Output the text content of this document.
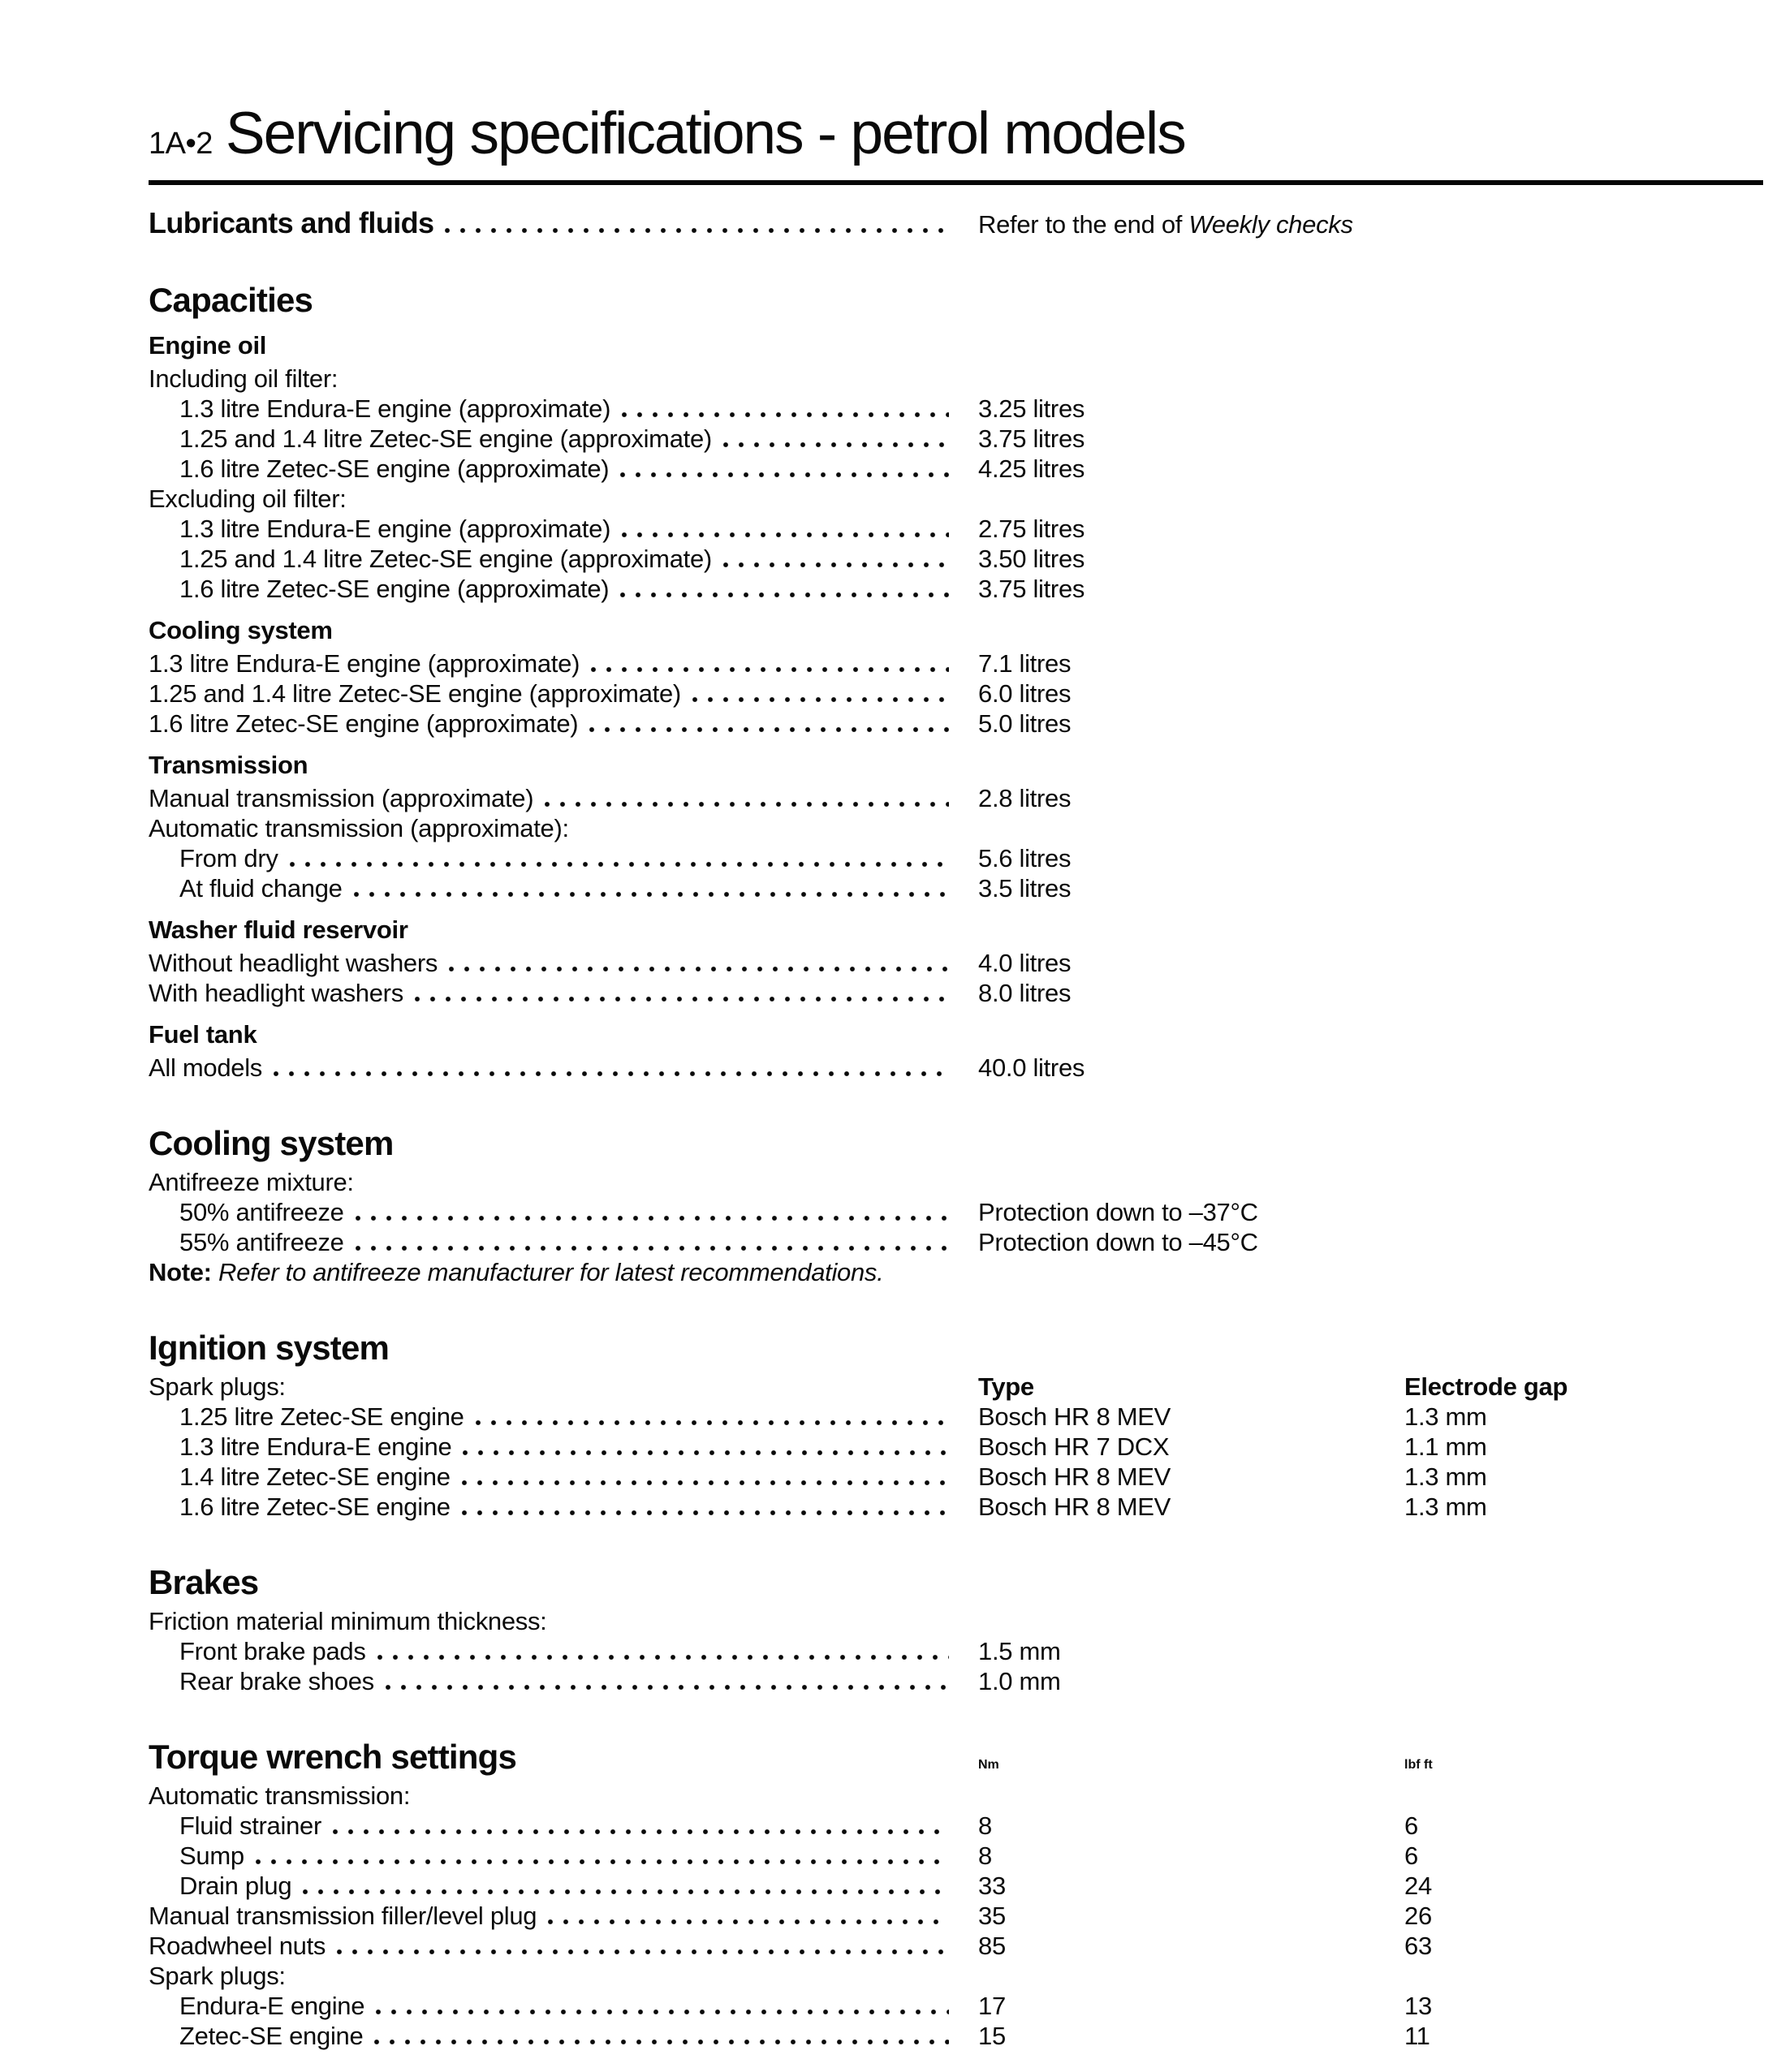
1A•2 Servicing specifications - petrol models
Lubricants and fluids	Refer to the end of Weekly checks
Capacities
Engine oil
Including oil filter:
1.3 litre Endura-E engine (approximate)	3.25 litres
1.25 and 1.4 litre Zetec-SE engine (approximate)	3.75 litres
1.6 litre Zetec-SE engine (approximate)	4.25 litres
Excluding oil filter:
1.3 litre Endura-E engine (approximate)	2.75 litres
1.25 and 1.4 litre Zetec-SE engine (approximate)	3.50 litres
1.6 litre Zetec-SE engine (approximate)	3.75 litres
Cooling system
1.3 litre Endura-E engine (approximate)	7.1 litres
1.25 and 1.4 litre Zetec-SE engine (approximate)	6.0 litres
1.6 litre Zetec-SE engine (approximate)	5.0 litres
Transmission
Manual transmission (approximate)	2.8 litres
Automatic transmission (approximate):
From dry	5.6 litres
At fluid change	3.5 litres
Washer fluid reservoir
Without headlight washers	4.0 litres
With headlight washers	8.0 litres
Fuel tank
All models	40.0 litres
Cooling system
Antifreeze mixture:
50% antifreeze	Protection down to –37°C
55% antifreeze	Protection down to –45°C
Note: Refer to antifreeze manufacturer for latest recommendations.
Ignition system
Spark plugs:	Type	Electrode gap
1.25 litre Zetec-SE engine	Bosch HR 8 MEV	1.3 mm
1.3 litre Endura-E engine	Bosch HR 7 DCX	1.1 mm
1.4 litre Zetec-SE engine	Bosch HR 8 MEV	1.3 mm
1.6 litre Zetec-SE engine	Bosch HR 8 MEV	1.3 mm
Brakes
Friction material minimum thickness:
Front brake pads	1.5 mm
Rear brake shoes	1.0 mm
Torque wrench settings	Nm	lbf ft
Automatic transmission:
Fluid strainer	8	6
Sump	8	6
Drain plug	33	24
Manual transmission filler/level plug	35	26
Roadwheel nuts	85	63
Spark plugs:
Endura-E engine	17	13
Zetec-SE engine	15	11
